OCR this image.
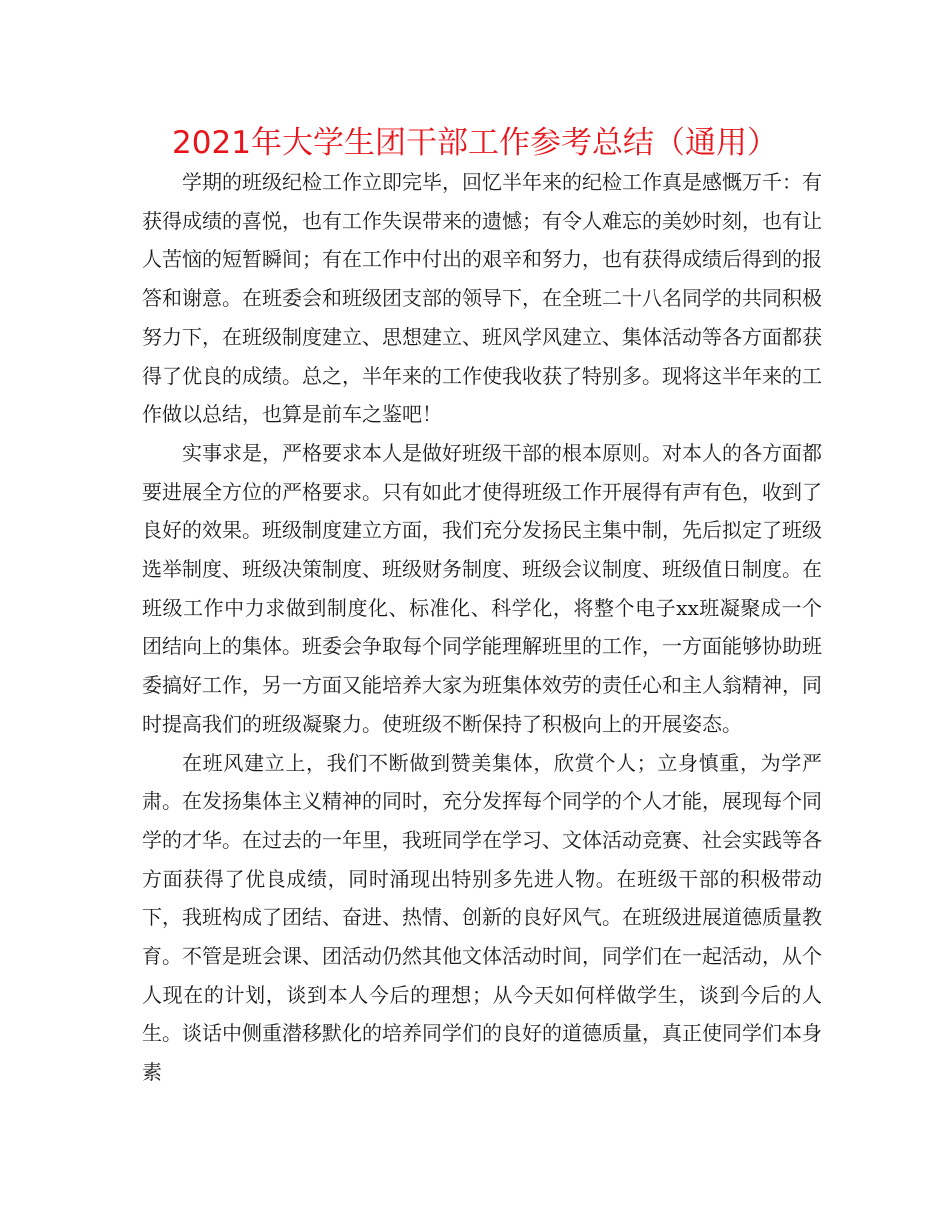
2021年大学生团干部工作参考总结（通用）

学期的班级纪检工作立即完毕，回忆半年来的纪检工作真是感慨万千：有获得成绩的喜悦，也有工作失误带来的遗憾；有令人难忘的美妙时刻，也有让人苦恼的短暂瞬间；有在工作中付出的艰辛和努力，也有获得成绩后得到的报答和谢意。在班委会和班级团支部的领导下，在全班二十八名同学的共同积极努力下，在班级制度建立、思想建立、班风学风建立、集体活动等各方面都获得了优良的成绩。总之，半年来的工作使我收获了特别多。现将这半年来的工作做以总结，也算是前车之鉴吧！

实事求是，严格要求本人是做好班级干部的根本原则。对本人的各方面都要进展全方位的严格要求。只有如此才使得班级工作开展得有声有色，收到了良好的效果。班级制度建立方面，我们充分发扬民主集中制，先后拟定了班级选举制度、班级决策制度、班级财务制度、班级会议制度、班级值日制度。在班级工作中力求做到制度化、标准化、科学化，将整个电子xx班凝聚成一个团结向上的集体。班委会争取每个同学能理解班里的工作，一方面能够协助班委搞好工作，另一方面又能培养大家为班集体效劳的责任心和主人翁精神，同时提高我们的班级凝聚力。使班级不断保持了积极向上的开展姿态。

在班风建立上，我们不断做到赞美集体，欣赏个人；立身慎重，为学严肃。在发扬集体主义精神的同时，充分发挥每个同学的个人才能，展现每个同学的才华。在过去的一年里，我班同学在学习、文体活动竞赛、社会实践等各方面获得了优良成绩，同时涌现出特别多先进人物。在班级干部的积极带动下，我班构成了团结、奋进、热情、创新的良好风气。在班级进展道德质量教育。不管是班会课、团活动仍然其他文体活动时间，同学们在一起活动，从个人现在的计划，谈到本人今后的理想；从今天如何样做学生，谈到今后的人生。谈话中侧重潜移默化的培养同学们的良好的道德质量，真正使同学们本身素
